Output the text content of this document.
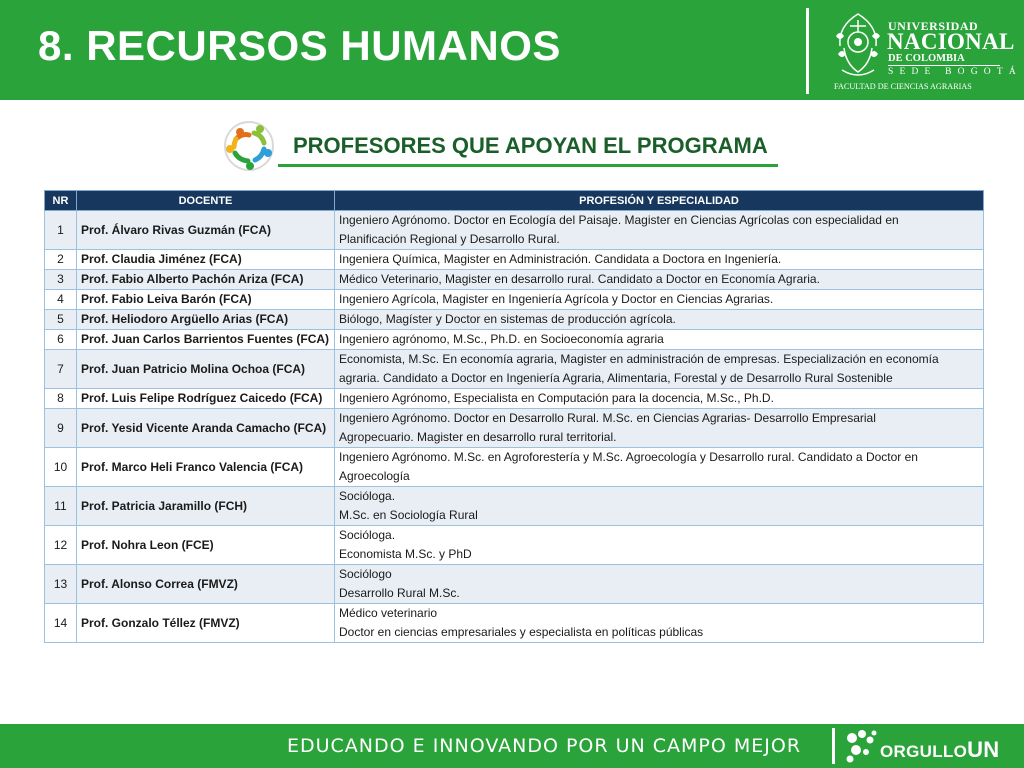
8. RECURSOS HUMANOS	UNIVERSIDAD
NACIONAL
DE COLOMBIA
SEDE BOGOTÁ
FACULTAD DE CIENCIAS AGRARIAS
PROFESORES QUE APOYAN EL PROGRAMA
NR	DOCENTE	PROFESIÓN Y ESPECIALIDAD
1	Prof. Álvaro Rivas Guzmán (FCA)	Ingeniero Agrónomo. Doctor en Ecología del Paisaje. Magister en Ciencias Agrícolas con especialidad en
Planificación Regional y Desarrollo Rural.

2	Prof. Claudia Jiménez (FCA)	Ingeniera Química, Magister en Administración. Candidata a Doctora en Ingeniería.

3	Prof. Fabio Alberto Pachón Ariza (FCA)	Médico Veterinario, Magister en desarrollo rural. Candidato a Doctor en Economía Agraria.

4	Prof. Fabio Leiva Barón (FCA)	Ingeniero Agrícola, Magister en Ingeniería Agrícola y Doctor en Ciencias Agrarias.

5	Prof. Heliodoro Argüello Arias (FCA)	Biólogo, Magíster y Doctor en sistemas de producción agrícola.

6	Prof. Juan Carlos Barrientos Fuentes (FCA)	Ingeniero agrónomo, M.Sc., Ph.D. en Socioeconomía agraria

7	Prof. Juan Patricio Molina Ochoa (FCA)	Economista, M.Sc. En economía agraria, Magister en administración de empresas. Especialización en economía
agraria. Candidato a Doctor en Ingeniería Agraria, Alimentaria, Forestal y de Desarrollo Rural Sostenible

8	Prof. Luis Felipe Rodríguez Caicedo (FCA)	Ingeniero Agrónomo, Especialista en Computación para la docencia, M.Sc., Ph.D.

9	Prof. Yesid Vicente Aranda Camacho (FCA)	Ingeniero Agrónomo. Doctor en Desarrollo Rural. M.Sc. en Ciencias Agrarias- Desarrollo Empresarial
Agropecuario. Magister en desarrollo rural territorial.

10	Prof. Marco Heli Franco Valencia (FCA)	Ingeniero Agrónomo. M.Sc. en Agroforestería y M.Sc. Agroecología y Desarrollo rural. Candidato a Doctor en
Agroecología

11	Prof. Patricia Jaramillo (FCH)	Socióloga.
M.Sc. en Sociología Rural

12	Prof. Nohra Leon (FCE)	Socióloga.
Economista M.Sc. y PhD

13	Prof. Alonso Correa (FMVZ)	Sociólogo
Desarrollo Rural M.Sc.

14	Prof. Gonzalo Téllez (FMVZ)	Médico veterinario
Doctor en ciencias empresariales y especialista en políticas públicas
EDUCANDO E INNOVANDO POR UN CAMPO MEJOR	ORGULLOUN
